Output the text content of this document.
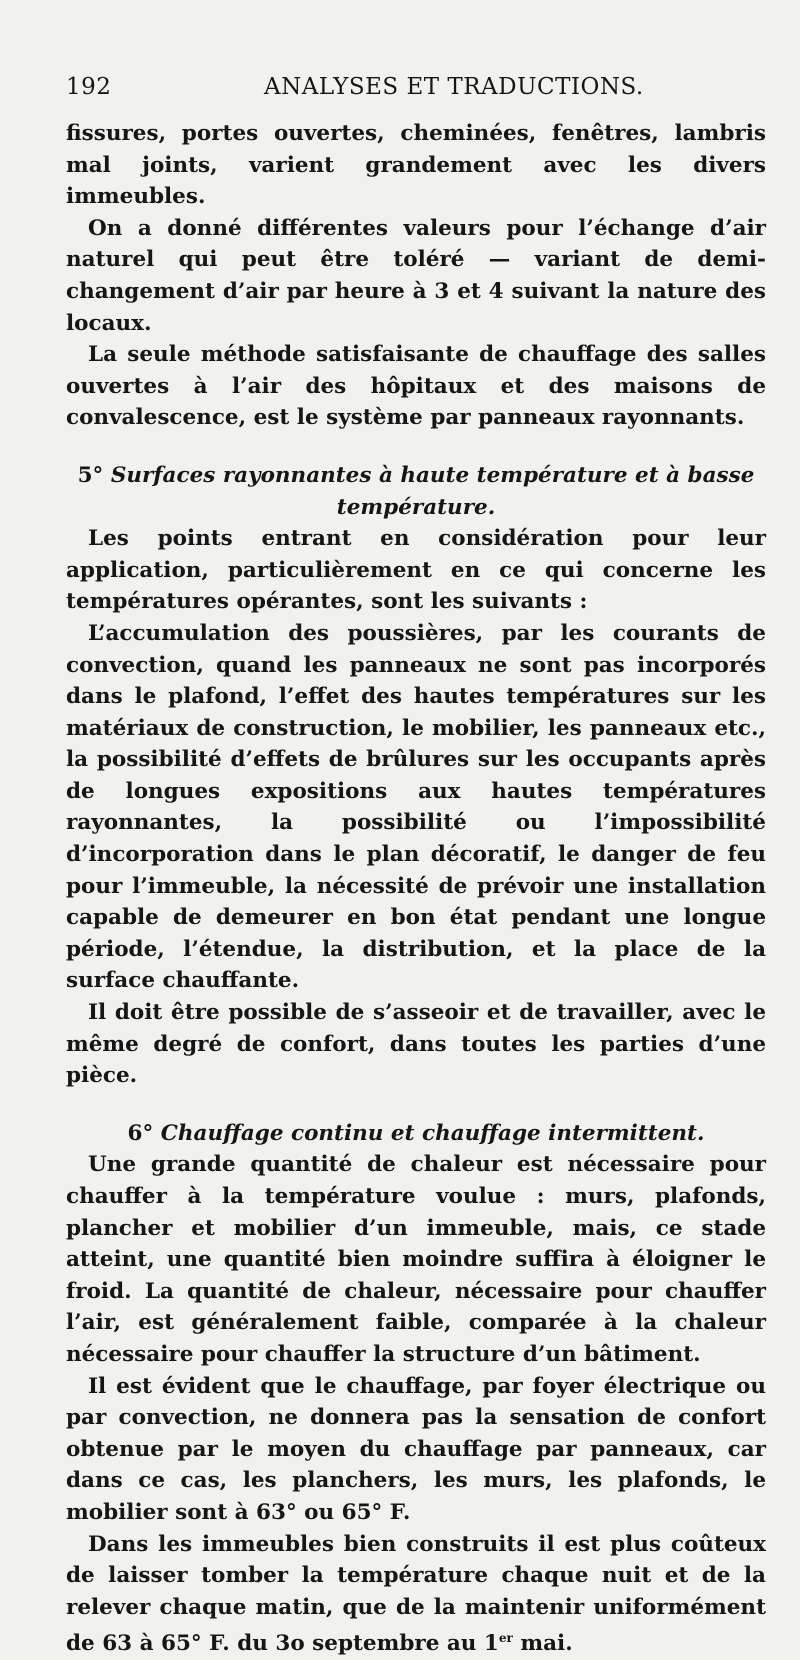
192	ANALYSES ET TRADUCTIONS.

fissures, portes ouvertes, cheminées, fenêtres, lambris mal joints, varient grandement avec les divers immeubles.

On a donné différentes valeurs pour l’échange d’air naturel qui peut être toléré — variant de demi-changement d’air par heure à 3 et 4 suivant la nature des locaux.

La seule méthode satisfaisante de chauffage des salles ouvertes à l’air des hôpitaux et des maisons de convalescence, est le système par panneaux rayonnants.

5° Surfaces rayonnantes à haute température et à basse température.

Les points entrant en considération pour leur application, particulièrement en ce qui concerne les températures opérantes, sont les suivants :

L’accumulation des poussières, par les courants de convection, quand les panneaux ne sont pas incorporés dans le plafond, l’effet des hautes températures sur les matériaux de construction, le mobilier, les panneaux etc., la possibilité d’effets de brûlures sur les occupants après de longues expositions aux hautes températures rayonnantes, la possibilité ou l’impossibilité d’incorporation dans le plan décoratif, le danger de feu pour l’immeuble, la nécessité de prévoir une installation capable de demeurer en bon état pendant une longue période, l’étendue, la distribution, et la place de la surface chauffante.

Il doit être possible de s’asseoir et de travailler, avec le même degré de confort, dans toutes les parties d’une pièce.

6° Chauffage continu et chauffage intermittent.

Une grande quantité de chaleur est nécessaire pour chauffer à la température voulue : murs, plafonds, plancher et mobilier d’un immeuble, mais, ce stade atteint, une quantité bien moindre suffira à éloigner le froid. La quantité de chaleur, nécessaire pour chauffer l’air, est généralement faible, comparée à la chaleur nécessaire pour chauffer la structure d’un bâtiment.

Il est évident que le chauffage, par foyer électrique ou par convection, ne donnera pas la sensation de confort obtenue par le moyen du chauffage par panneaux, car dans ce cas, les planchers, les murs, les plafonds, le mobilier sont à 63° ou 65° F.

Dans les immeubles bien construits il est plus coûteux de laisser tomber la température chaque nuit et de la relever chaque matin, que de la maintenir uniformément de 63 à 65° F. du 3o septembre au 1er mai.
